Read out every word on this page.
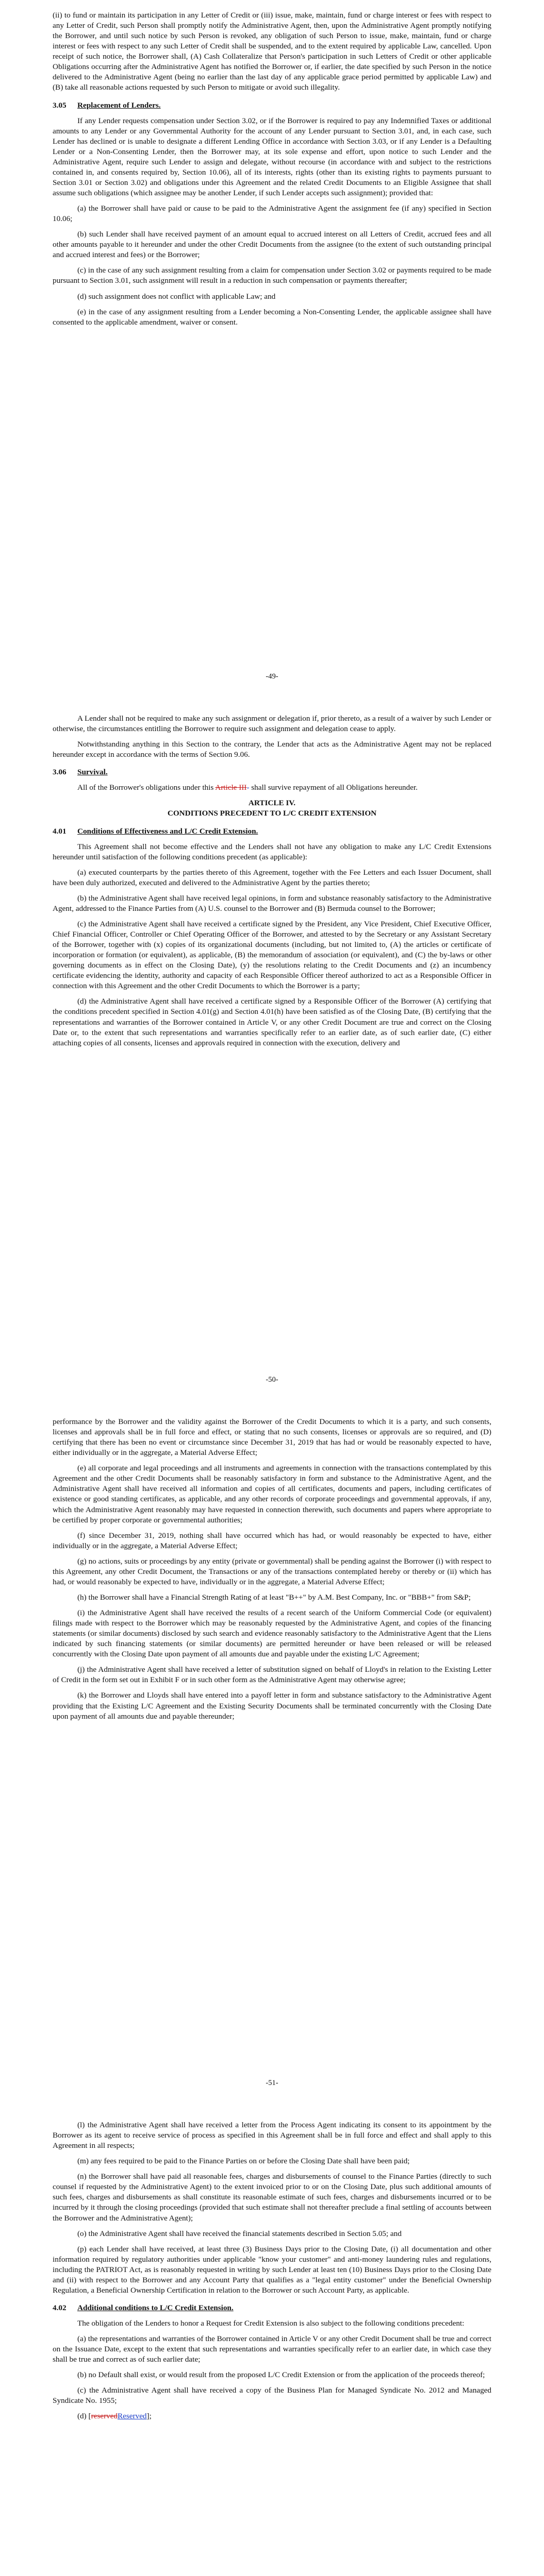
(ii) to fund or maintain its participation in any Letter of Credit or (iii) issue, make, maintain, fund or charge interest or fees with respect to any Letter of Credit, such Person shall promptly notify the Administrative Agent, then, upon the Administrative Agent promptly notifying the Borrower, and until such notice by such Person is revoked, any obligation of such Person to issue, make, maintain, fund or charge interest or fees with respect to any such Letter of Credit shall be suspended, and to the extent required by applicable Law, cancelled. Upon receipt of such notice, the Borrower shall, (A) Cash Collateralize that Person's participation in such Letters of Credit or other applicable Obligations occurring after the Administrative Agent has notified the Borrower or, if earlier, the date specified by such Person in the notice delivered to the Administrative Agent (being no earlier than the last day of any applicable grace period permitted by applicable Law) and (B) take all reasonable actions requested by such Person to mitigate or avoid such illegality.

3.05 Replacement of Lenders.

If any Lender requests compensation under Section 3.02, or if the Borrower is required to pay any Indemnified Taxes or additional amounts to any Lender or any Governmental Authority for the account of any Lender pursuant to Section 3.01, and, in each case, such Lender has declined or is unable to designate a different Lending Office in accordance with Section 3.03, or if any Lender is a Defaulting Lender or a Non-Consenting Lender, then the Borrower may, at its sole expense and effort, upon notice to such Lender and the Administrative Agent, require such Lender to assign and delegate, without recourse (in accordance with and subject to the restrictions contained in, and consents required by, Section 10.06), all of its interests, rights (other than its existing rights to payments pursuant to Section 3.01 or Section 3.02) and obligations under this Agreement and the related Credit Documents to an Eligible Assignee that shall assume such obligations (which assignee may be another Lender, if such Lender accepts such assignment); provided that:

(a) the Borrower shall have paid or cause to be paid to the Administrative Agent the assignment fee (if any) specified in Section 10.06;

(b) such Lender shall have received payment of an amount equal to accrued interest on all Letters of Credit, accrued fees and all other amounts payable to it hereunder and under the other Credit Documents from the assignee (to the extent of such outstanding principal and accrued interest and fees) or the Borrower;

(c) in the case of any such assignment resulting from a claim for compensation under Section 3.02 or payments required to be made pursuant to Section 3.01, such assignment will result in a reduction in such compensation or payments thereafter;

(d) such assignment does not conflict with applicable Law; and

(e) in the case of any assignment resulting from a Lender becoming a Non-Consenting Lender, the applicable assignee shall have consented to the applicable amendment, waiver or consent.

-49-

A Lender shall not be required to make any such assignment or delegation if, prior thereto, as a result of a waiver by such Lender or otherwise, the circumstances entitling the Borrower to require such assignment and delegation cease to apply.

Notwithstanding anything in this Section to the contrary, the Lender that acts as the Administrative Agent may not be replaced hereunder except in accordance with the terms of Section 9.06.

3.06 Survival.

All of the Borrower's obligations under this Article III- shall survive repayment of all Obligations hereunder.

ARTICLE IV.
CONDITIONS PRECEDENT TO L/C CREDIT EXTENSION
4.01 Conditions of Effectiveness and L/C Credit Extension.

This Agreement shall not become effective and the Lenders shall not have any obligation to make any L/C Credit Extensions hereunder until satisfaction of the following conditions precedent (as applicable):

(a) executed counterparts by the parties thereto of this Agreement, together with the Fee Letters and each Issuer Document, shall have been duly authorized, executed and delivered to the Administrative Agent by the parties thereto;

(b) the Administrative Agent shall have received legal opinions, in form and substance reasonably satisfactory to the Administrative Agent, addressed to the Finance Parties from (A) U.S. counsel to the Borrower and (B) Bermuda counsel to the Borrower;

(c) the Administrative Agent shall have received a certificate signed by the President, any Vice President, Chief Executive Officer, Chief Financial Officer, Controller or Chief Operating Officer of the Borrower, and attested to by the Secretary or any Assistant Secretary of the Borrower, together with (x) copies of its organizational documents (including, but not limited to, (A) the articles or certificate of incorporation or formation (or equivalent), as applicable, (B) the memorandum of association (or equivalent), and (C) the by-laws or other governing documents as in effect on the Closing Date), (y) the resolutions relating to the Credit Documents and (z) an incumbency certificate evidencing the identity, authority and capacity of each Responsible Officer thereof authorized to act as a Responsible Officer in connection with this Agreement and the other Credit Documents to which the Borrower is a party;

(d) the Administrative Agent shall have received a certificate signed by a Responsible Officer of the Borrower (A) certifying that the conditions precedent specified in Section 4.01(g) and Section 4.01(h) have been satisfied as of the Closing Date, (B) certifying that the representations and warranties of the Borrower contained in Article V, or any other Credit Document are true and correct on the Closing Date or, to the extent that such representations and warranties specifically refer to an earlier date, as of such earlier date, (C) either attaching copies of all consents, licenses and approvals required in connection with the execution, delivery and

-50-

performance by the Borrower and the validity against the Borrower of the Credit Documents to which it is a party, and such consents, licenses and approvals shall be in full force and effect, or stating that no such consents, licenses or approvals are so required, and (D) certifying that there has been no event or circumstance since December 31, 2019 that has had or would be reasonably expected to have, either individually or in the aggregate, a Material Adverse Effect;

(e) all corporate and legal proceedings and all instruments and agreements in connection with the transactions contemplated by this Agreement and the other Credit Documents shall be reasonably satisfactory in form and substance to the Administrative Agent, and the Administrative Agent shall have received all information and copies of all certificates, documents and papers, including certificates of existence or good standing certificates, as applicable, and any other records of corporate proceedings and governmental approvals, if any, which the Administrative Agent reasonably may have requested in connection therewith, such documents and papers where appropriate to be certified by proper corporate or governmental authorities;

(f) since December 31, 2019, nothing shall have occurred which has had, or would reasonably be expected to have, either individually or in the aggregate, a Material Adverse Effect;

(g) no actions, suits or proceedings by any entity (private or governmental) shall be pending against the Borrower (i) with respect to this Agreement, any other Credit Document, the Transactions or any of the transactions contemplated hereby or thereby or (ii) which has had, or would reasonably be expected to have, individually or in the aggregate, a Material Adverse Effect;

(h) the Borrower shall have a Financial Strength Rating of at least "B++" by A.M. Best Company, Inc. or "BBB+" from S&P;

(i) the Administrative Agent shall have received the results of a recent search of the Uniform Commercial Code (or equivalent) filings made with respect to the Borrower which may be reasonably requested by the Administrative Agent, and copies of the financing statements (or similar documents) disclosed by such search and evidence reasonably satisfactory to the Administrative Agent that the Liens indicated by such financing statements (or similar documents) are permitted hereunder or have been released or will be released concurrently with the Closing Date upon payment of all amounts due and payable under the existing L/C Agreement;

(j) the Administrative Agent shall have received a letter of substitution signed on behalf of Lloyd's in relation to the Existing Letter of Credit in the form set out in Exhibit F or in such other form as the Administrative Agent may otherwise agree;

(k) the Borrower and Lloyds shall have entered into a payoff letter in form and substance satisfactory to the Administrative Agent providing that the Existing L/C Agreement and the Existing Security Documents shall be terminated concurrently with the Closing Date upon payment of all amounts due and payable thereunder;

-51-

(l) the Administrative Agent shall have received a letter from the Process Agent indicating its consent to its appointment by the Borrower as its agent to receive service of process as specified in this Agreement shall be in full force and effect and shall apply to this Agreement in all respects;

(m) any fees required to be paid to the Finance Parties on or before the Closing Date shall have been paid;

(n) the Borrower shall have paid all reasonable fees, charges and disbursements of counsel to the Finance Parties (directly to such counsel if requested by the Administrative Agent) to the extent invoiced prior to or on the Closing Date, plus such additional amounts of such fees, charges and disbursements as shall constitute its reasonable estimate of such fees, charges and disbursements incurred or to be incurred by it through the closing proceedings (provided that such estimate shall not thereafter preclude a final settling of accounts between the Borrower and the Administrative Agent);

(o) the Administrative Agent shall have received the financial statements described in Section 5.05; and

(p) each Lender shall have received, at least three (3) Business Days prior to the Closing Date, (i) all documentation and other information required by regulatory authorities under applicable "know your customer" and anti-money laundering rules and regulations, including the PATRIOT Act, as is reasonably requested in writing by such Lender at least ten (10) Business Days prior to the Closing Date and (ii) with respect to the Borrower and any Account Party that qualifies as a "legal entity customer" under the Beneficial Ownership Regulation, a Beneficial Ownership Certification in relation to the Borrower or such Account Party, as applicable.

4.02 Additional conditions to L/C Credit Extension.

The obligation of the Lenders to honor a Request for Credit Extension is also subject to the following conditions precedent:

(a) the representations and warranties of the Borrower contained in Article V or any other Credit Document shall be true and correct on the Issuance Date, except to the extent that such representations and warranties specifically refer to an earlier date, in which case they shall be true and correct as of such earlier date;

(b) no Default shall exist, or would result from the proposed L/C Credit Extension or from the application of the proceeds thereof;

(c) the Administrative Agent shall have received a copy of the Business Plan for Managed Syndicate No. 2012 and Managed Syndicate No. 1955;

(d) [reservedReserved];
